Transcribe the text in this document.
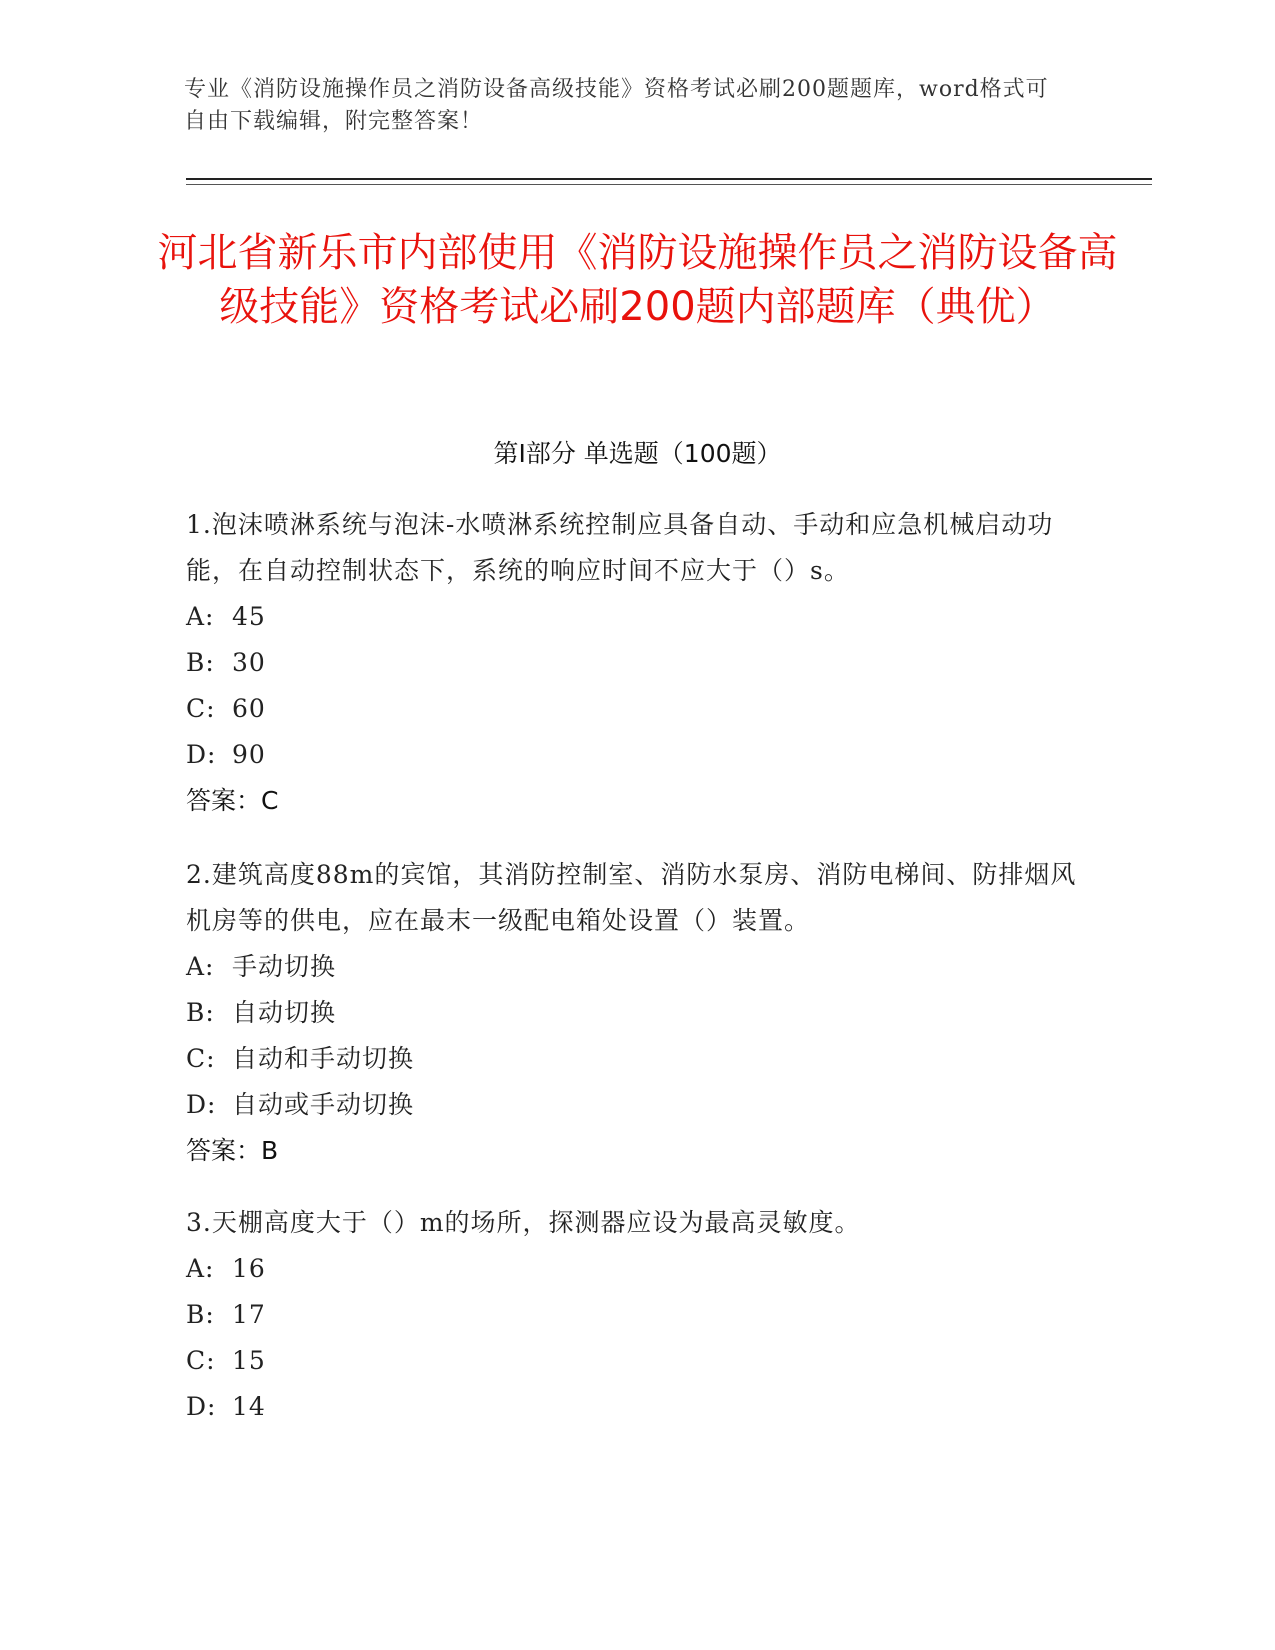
专业《消防设施操作员之消防设备高级技能》资格考试必刷200题题库，word格式可自由下载编辑，附完整答案！
河北省新乐市内部使用《消防设施操作员之消防设备高级技能》资格考试必刷200题内部题库（典优）
第Ⅰ部分 单选题（100题）
1.泡沫喷淋系统与泡沫-水喷淋系统控制应具备自动、手动和应急机械启动功能，在自动控制状态下，系统的响应时间不应大于（）s。
A: 45
B: 30
C: 60
D: 90
答案：C
2.建筑高度88m的宾馆，其消防控制室、消防水泵房、消防电梯间、防排烟风机房等的供电，应在最末一级配电箱处设置（）装置。
A: 手动切换
B: 自动切换
C: 自动和手动切换
D: 自动或手动切换
答案：B
3.天棚高度大于（）m的场所，探测器应设为最高灵敏度。
A: 16
B: 17
C: 15
D: 14
